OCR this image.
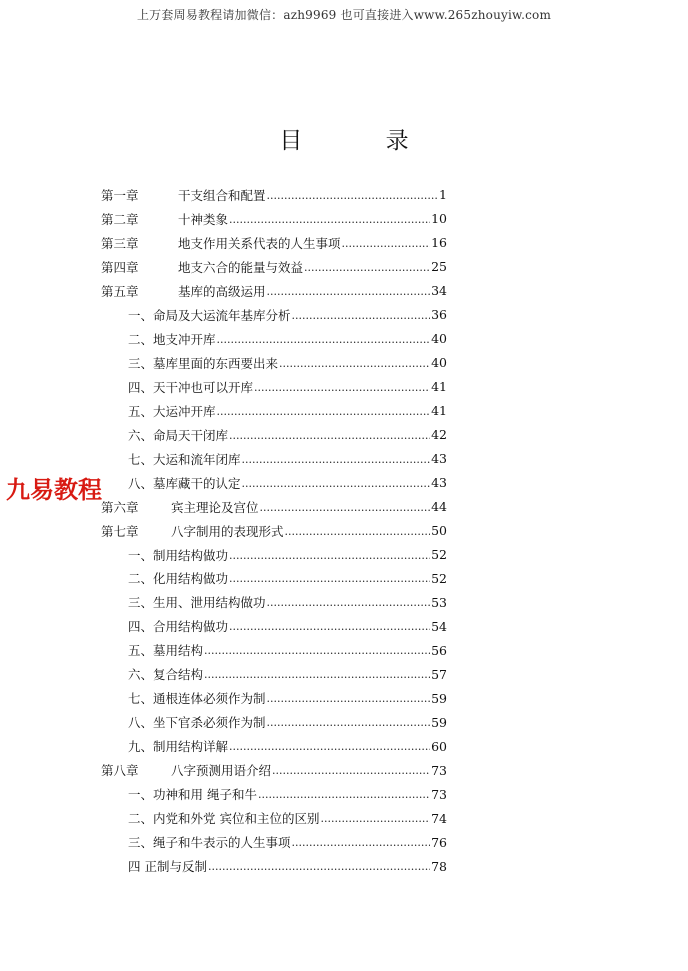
上万套周易教程请加微信：azh9969 也可直接进入www.265zhouyiw.com
目 录
第一章	干支组合和配置 .....	1
第二章	十神类象 .....	10
第三章	地支作用关系代表的人生事项 .....	16
第四章	地支六合的能量与效益 .....	25
第五章	基库的高级运用 .....	34
一、命局及大运流年基库分析 .....	36
二、地支冲开库 .....	40
三、墓库里面的东西要出来 .....	40
四、天干冲也可以开库 .....	41
五、大运冲开库 .....	41
六、命局天干闭库 .....	42
七、大运和流年闭库 .....	43
八、墓库藏干的认定 .....	43
第六章	宾主理论及宫位 .....	44
第七章	八字制用的表现形式 .....	50
一、制用结构做功 .....	52
二、化用结构做功 .....	52
三、生用、泄用结构做功 .....	53
四、合用结构做功 .....	54
五、墓用结构 .....	56
六、复合结构 .....	57
七、通根连体必须作为制 .....	59
八、坐下官杀必须作为制 .....	59
九、制用结构详解 .....	60
第八章	八字预测用语介绍 .....	73
一、功神和用 绳子和牛 .....	73
二、内党和外党 宾位和主位的区别 .....	74
三、绳子和牛表示的人生事项 .....	76
四 正制与反制 .....	78
九易教程
